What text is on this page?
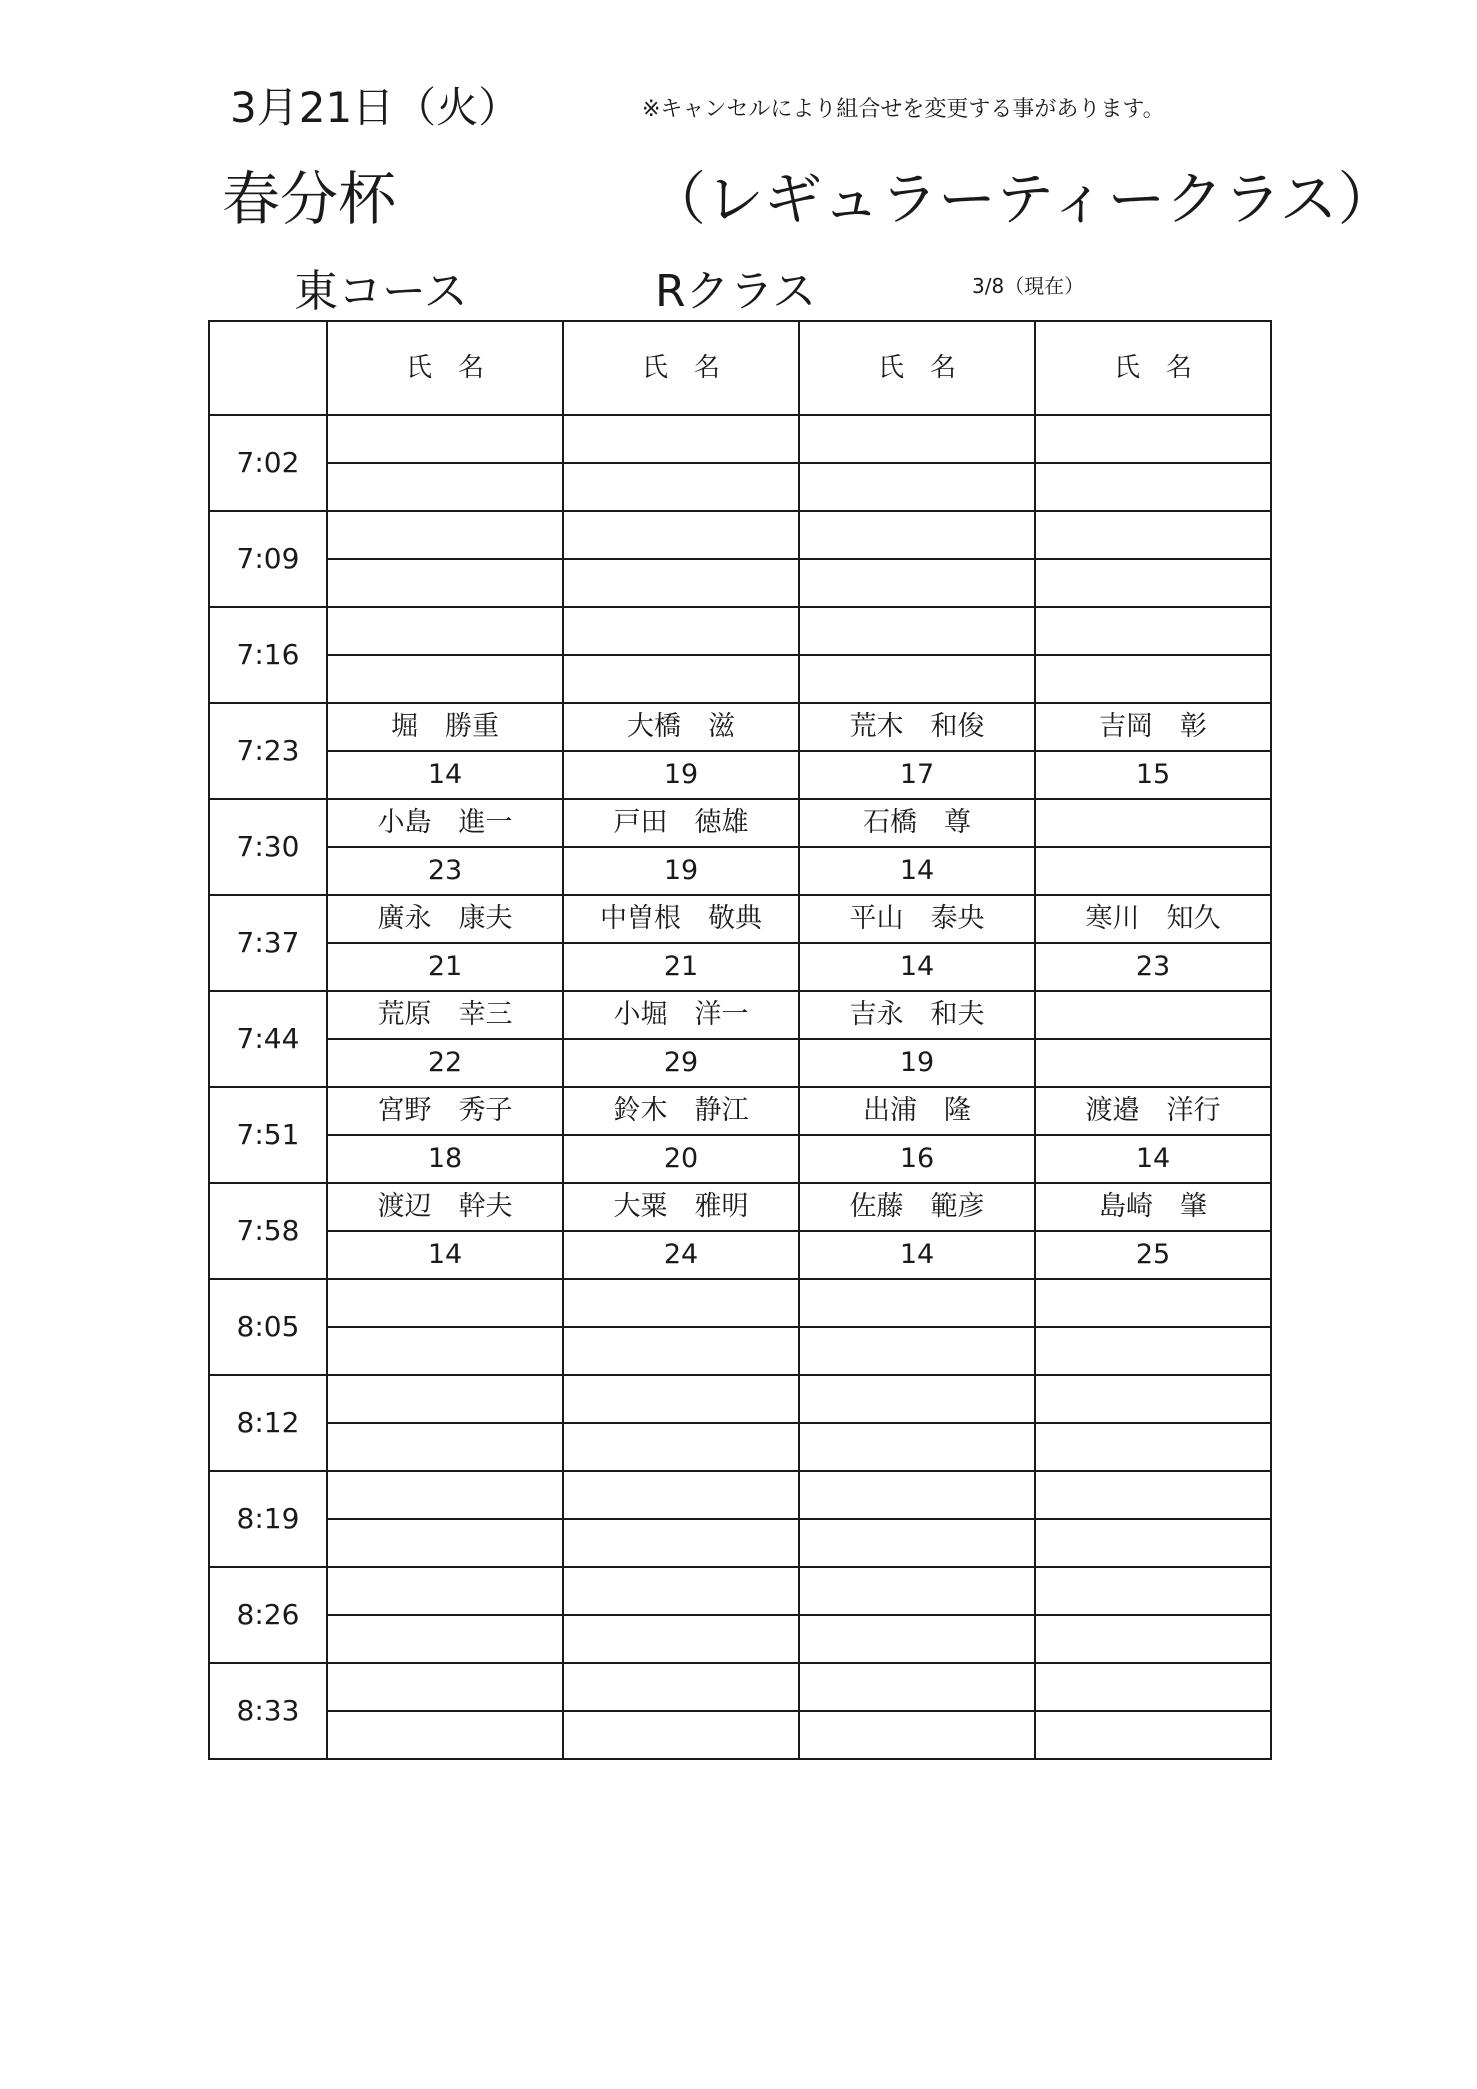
3月21日（火）	※キャンセルにより組合せを変更する事があります。
春分杯	（レギュラーティークラス）
東コース	Rクラス	3/8（現在）
	氏　名	氏　名	氏　名	氏　名
7:02				

7:09				

7:16				

7:23	堀　勝重	大橋　滋	荒木　和俊	吉岡　彰
	14	19	17	15
7:30	小島　進一	戸田　徳雄	石橋　尊	
	23	19	14	
7:37	廣永　康夫	中曽根　敬典	平山　泰央	寒川　知久
	21	21	14	23
7:44	荒原　幸三	小堀　洋一	吉永　和夫	
	22	29	19	
7:51	宮野　秀子	鈴木　静江	出浦　隆	渡邉　洋行
	18	20	16	14
7:58	渡辺　幹夫	大粟　雅明	佐藤　範彦	島崎　肇
	14	24	14	25
8:05				

8:12				

8:19				

8:26				

8:33				
